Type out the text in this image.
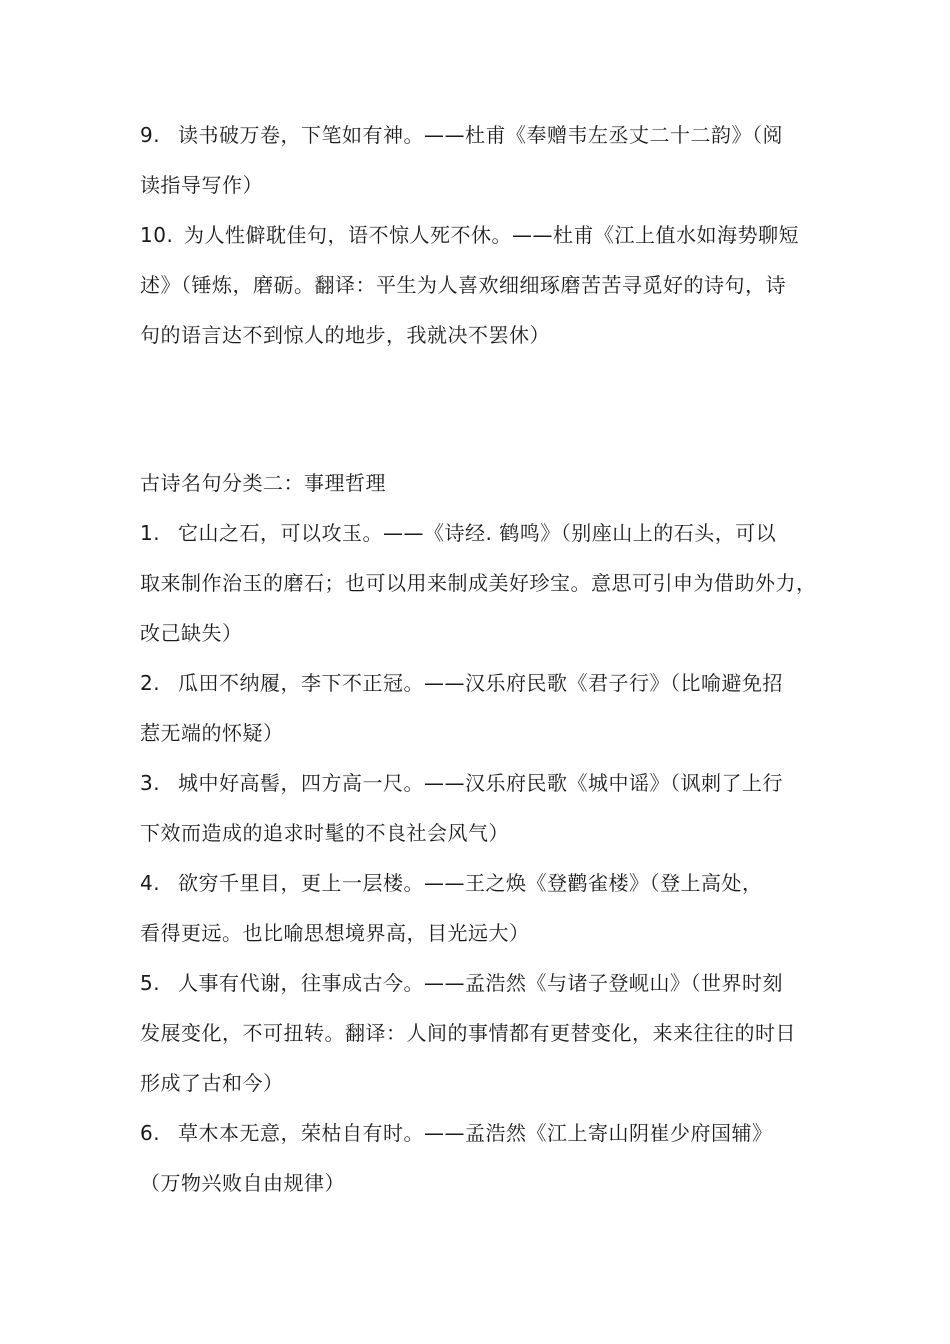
9. 读书破万卷，下笔如有神。——杜甫《奉赠韦左丞丈二十二韵》（阅

读指导写作）

10. 为人性僻耽佳句，语不惊人死不休。——杜甫《江上值水如海势聊短

述》（锤炼，磨砺。翻译：平生为人喜欢细细琢磨苦苦寻觅好的诗句，诗

句的语言达不到惊人的地步，我就决不罢休）

古诗名句分类二：事理哲理

1. 它山之石，可以攻玉。——《诗经. 鹤鸣》（别座山上的石头，可以

取来制作治玉的磨石；也可以用来制成美好珍宝。意思可引申为借助外力，

改己缺失）

2. 瓜田不纳履，李下不正冠。——汉乐府民歌《君子行》（比喻避免招

惹无端的怀疑）

3. 城中好高髻，四方高一尺。——汉乐府民歌《城中谣》（讽刺了上行

下效而造成的追求时髦的不良社会风气）

4. 欲穷千里目，更上一层楼。——王之焕《登鹳雀楼》（登上高处，

看得更远。也比喻思想境界高，目光远大）

5. 人事有代谢，往事成古今。——孟浩然《与诸子登岘山》（世界时刻

发展变化，不可扭转。翻译：人间的事情都有更替变化，来来往往的时日

形成了古和今）

6. 草木本无意，荣枯自有时。——孟浩然《江上寄山阴崔少府国辅》

（万物兴败自由规律）
